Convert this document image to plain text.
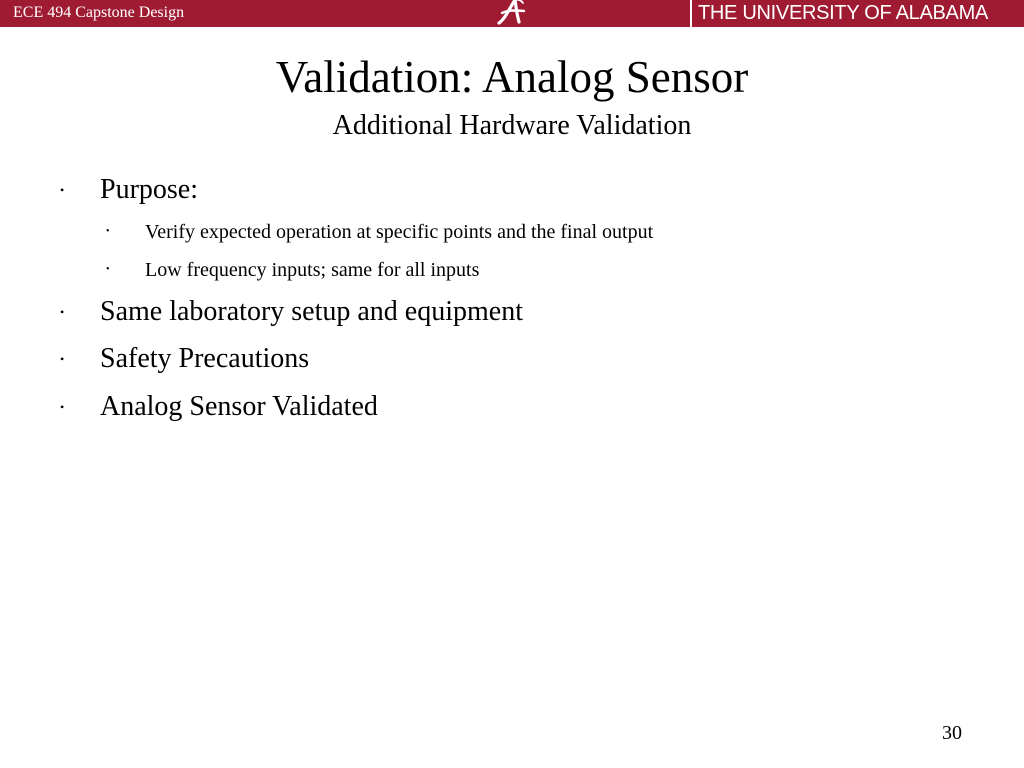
ECE 494 Capstone Design	THE UNIVERSITY OF ALABAMA
Validation: Analog Sensor
Additional Hardware Validation
• Purpose:
• Verify expected operation at specific points and the final output
• Low frequency inputs; same for all inputs
• Same laboratory setup and equipment
• Safety Precautions
• Analog Sensor Validated
30
